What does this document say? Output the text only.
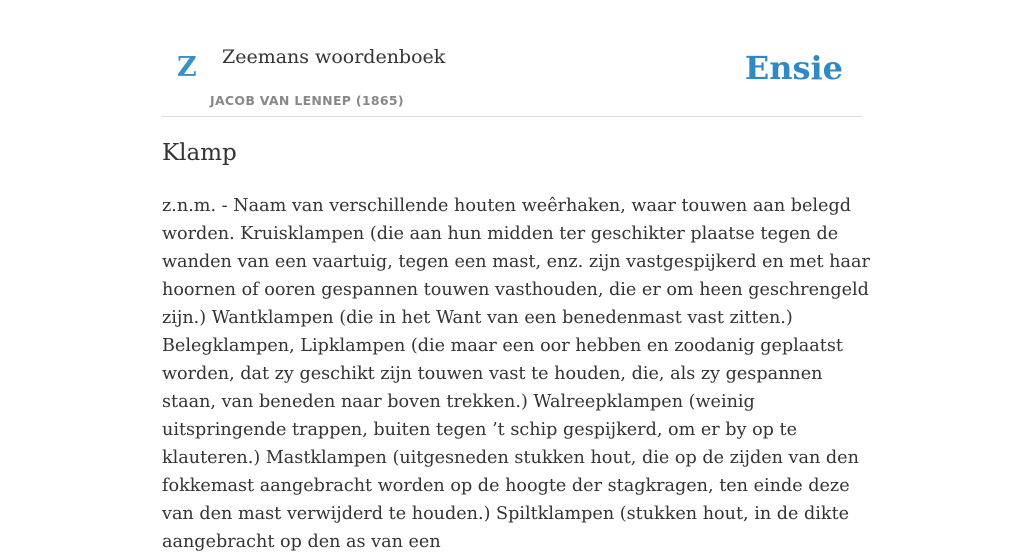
Z Zeemans woordenboek
JACOB VAN LENNEP (1865)
Ensie
Klamp

z.n.m. - Naam van verschillende houten weêrhaken, waar touwen aan belegd worden. Kruisklampen (die aan hun midden ter geschikter plaatse tegen de wanden van een vaartuig, tegen een mast, enz. zijn vastgespijkerd en met haar hoornen of ooren gespannen touwen vasthouden, die er om heen geschrengeld zijn.) Wantklampen (die in het Want van een benedenmast vast zitten.) Belegklampen, Lipklampen (die maar een oor hebben en zoodanig geplaatst worden, dat zy geschikt zijn touwen vast te houden, die, als zy gespannen staan, van beneden naar boven trekken.) Walreepklampen (weinig uitspringende trappen, buiten tegen ’t schip gespijkerd, om er by op te klauteren.) Mastklampen (uitgesneden stukken hout, die op de zijden van den fokkemast aangebracht worden op de hoogte der stagkragen, ten einde deze van den mast verwijderd te houden.) Spiltklampen (stukken hout, in de dikte aangebracht op den as van een
